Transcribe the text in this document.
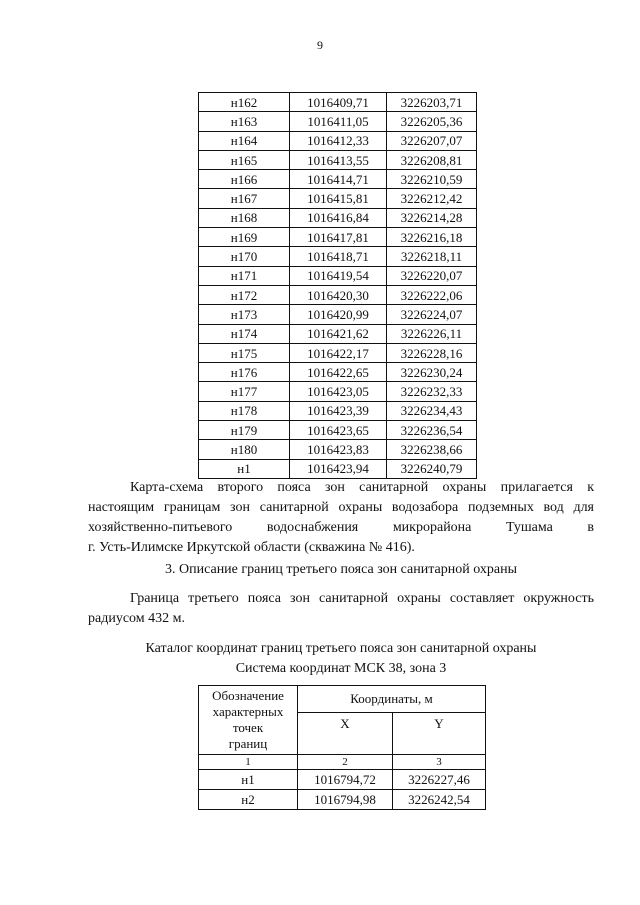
9
н162	1016409,71	3226203,71
н163	1016411,05	3226205,36
н164	1016412,33	3226207,07
н165	1016413,55	3226208,81
н166	1016414,71	3226210,59
н167	1016415,81	3226212,42
н168	1016416,84	3226214,28
н169	1016417,81	3226216,18
н170	1016418,71	3226218,11
н171	1016419,54	3226220,07
н172	1016420,30	3226222,06
н173	1016420,99	3226224,07
н174	1016421,62	3226226,11
н175	1016422,17	3226228,16
н176	1016422,65	3226230,24
н177	1016423,05	3226232,33
н178	1016423,39	3226234,43
н179	1016423,65	3226236,54
н180	1016423,83	3226238,66
н1	1016423,94	3226240,79
Карта-схема второго пояса зон санитарной охраны прилагается к
настоящим границам зон санитарной охраны водозабора подземных вод для
хозяйственно-питьевого водоснабжения микрорайона Тушама в
г. Усть-Илимске Иркутской области (скважина № 416).
3. Описание границ третьего пояса зон санитарной охраны
Граница третьего пояса зон санитарной охраны составляет окружность
радиусом 432 м.
Каталог координат границ третьего пояса зон санитарной охраны
Система координат МСК 38, зона 3
Обозначение
характерных
точек
границ	Координаты, м	
	X	Y
1	2	3
н1	1016794,72	3226227,46
н2	1016794,98	3226242,54
